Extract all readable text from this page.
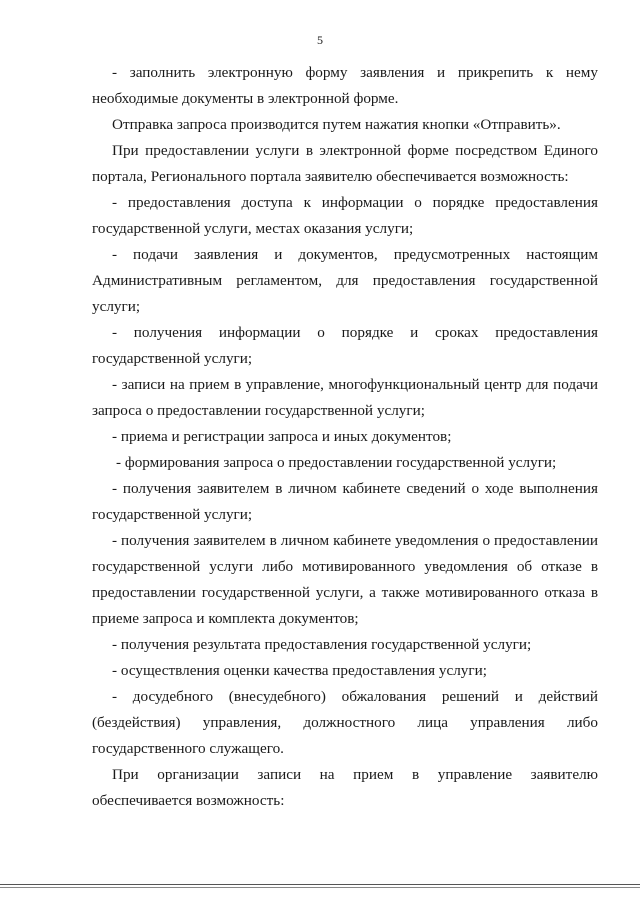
5

- заполнить электронную форму заявления и прикрепить к нему необходимые документы в электронной форме.

Отправка запроса производится путем нажатия кнопки «Отправить».

При предоставлении услуги в электронной форме посредством Единого портала, Регионального портала заявителю обеспечивается возможность:

- предоставления доступа к информации о порядке предоставления государственной услуги, местах оказания услуги;

- подачи заявления и документов, предусмотренных настоящим Административным регламентом, для предоставления государственной услуги;

- получения информации о порядке и сроках предоставления государственной услуги;

- записи на прием в управление, многофункциональный центр для подачи запроса о предоставлении государственной услуги;

- приема и регистрации запроса и иных документов;

- формирования запроса о предоставлении государственной услуги;

- получения заявителем в личном кабинете сведений о ходе выполнения государственной услуги;

- получения заявителем в личном кабинете уведомления о предоставлении государственной услуги либо мотивированного уведомления об отказе в предоставлении государственной услуги, а также мотивированного отказа в приеме запроса и комплекта документов;

- получения результата предоставления государственной услуги;

- осуществления оценки качества предоставления услуги;

- досудебного (внесудебного) обжалования решений и действий (бездействия) управления, должностного лица управления либо государственного служащего.

При организации записи на прием в управление заявителю обеспечивается возможность:
